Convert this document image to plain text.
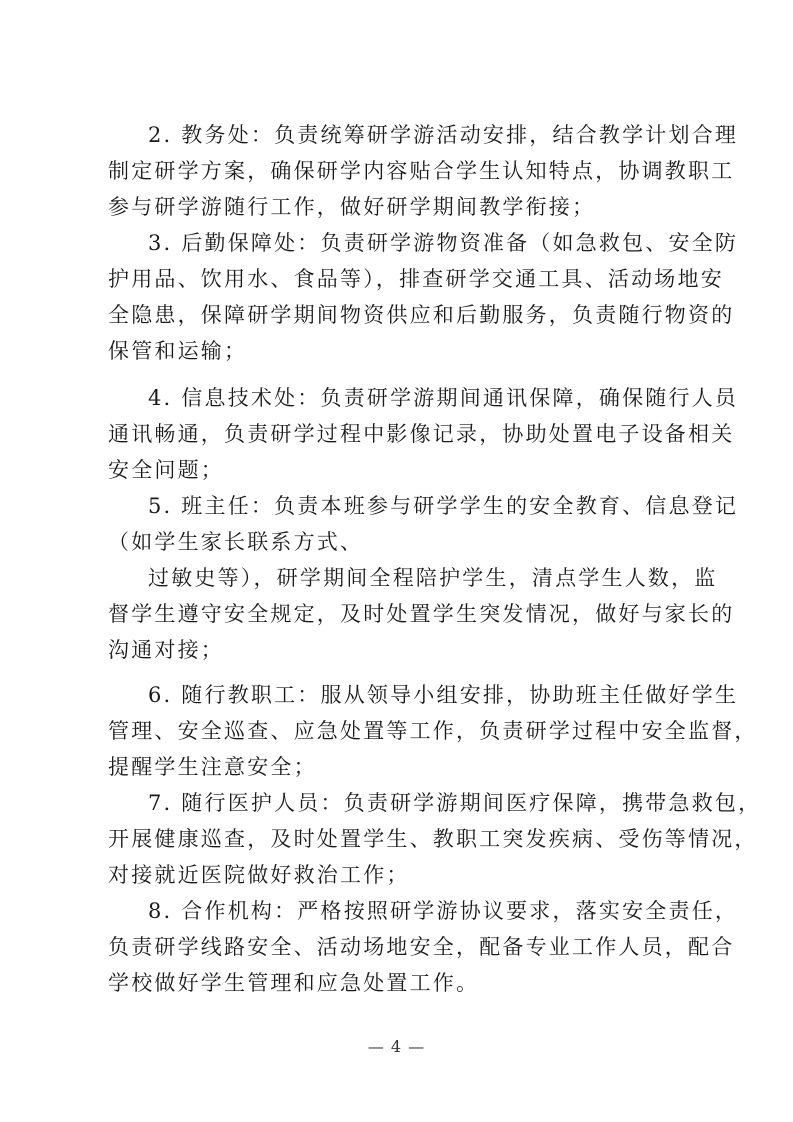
2. 教务处：负责统筹研学游活动安排，结合教学计划合理
制定研学方案，确保研学内容贴合学生认知特点，协调教职工
参与研学游随行工作，做好研学期间教学衔接；
3. 后勤保障处：负责研学游物资准备（如急救包、安全防
护用品、饮用水、食品等），排查研学交通工具、活动场地安
全隐患，保障研学期间物资供应和后勤服务，负责随行物资的
保管和运输；
4. 信息技术处：负责研学游期间通讯保障，确保随行人员
通讯畅通，负责研学过程中影像记录，协助处置电子设备相关
安全问题；
5. 班主任：负责本班参与研学学生的安全教育、信息登记
（如学生家长联系方式、
过敏史等），研学期间全程陪护学生，清点学生人数，监
督学生遵守安全规定，及时处置学生突发情况，做好与家长的
沟通对接；
6. 随行教职工：服从领导小组安排，协助班主任做好学生
管理、安全巡查、应急处置等工作，负责研学过程中安全监督，
提醒学生注意安全；
7. 随行医护人员：负责研学游期间医疗保障，携带急救包，
开展健康巡查，及时处置学生、教职工突发疾病、受伤等情况，
对接就近医院做好救治工作；
8. 合作机构：严格按照研学游协议要求，落实安全责任，
负责研学线路安全、活动场地安全，配备专业工作人员，配合
学校做好学生管理和应急处置工作。
— 4 —
